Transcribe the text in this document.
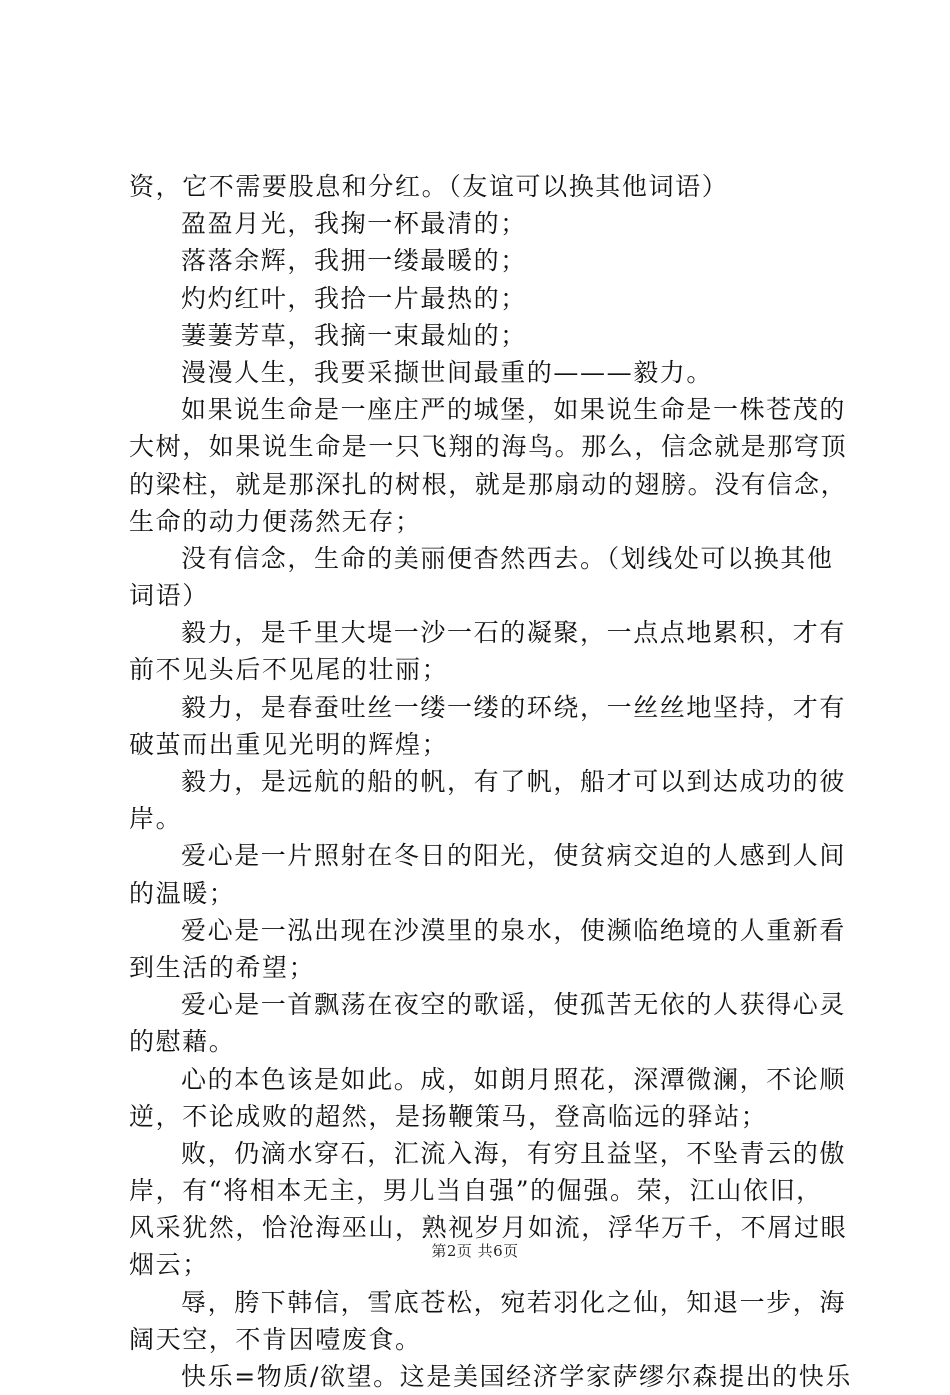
资，它不需要股息和分红。（友谊可以换其他词语）
盈盈月光，我掬一杯最清的；
落落余辉，我拥一缕最暖的；
灼灼红叶，我拾一片最热的；
萋萋芳草，我摘一束最灿的；
漫漫人生，我要采撷世间最重的———毅力。
如果说生命是一座庄严的城堡，如果说生命是一株苍茂的
大树，如果说生命是一只飞翔的海鸟。那么，信念就是那穹顶
的梁柱，就是那深扎的树根，就是那扇动的翅膀。没有信念，
生命的动力便荡然无存；
没有信念，生命的美丽便杳然西去。（划线处可以换其他
词语）
毅力，是千里大堤一沙一石的凝聚，一点点地累积，才有
前不见头后不见尾的壮丽；
毅力，是春蚕吐丝一缕一缕的环绕，一丝丝地坚持，才有
破茧而出重见光明的辉煌；
毅力，是远航的船的帆，有了帆，船才可以到达成功的彼
岸。
爱心是一片照射在冬日的阳光，使贫病交迫的人感到人间
的温暖；
爱心是一泓出现在沙漠里的泉水，使濒临绝境的人重新看
到生活的希望；
爱心是一首飘荡在夜空的歌谣，使孤苦无依的人获得心灵
的慰藉。
心的本色该是如此。成，如朗月照花，深潭微澜，不论顺
逆，不论成败的超然，是扬鞭策马，登高临远的驿站；
败，仍滴水穿石，汇流入海，有穷且益坚，不坠青云的傲
岸，有“将相本无主，男儿当自强”的倔强。荣，江山依旧，
风采犹然，恰沧海巫山，熟视岁月如流，浮华万千，不屑过眼
烟云；
辱，胯下韩信，雪底苍松，宛若羽化之仙，知退一步，海
阔天空，不肯因噎废食。
快乐=物质/欲望。这是美国经济学家萨缪尔森提出的快乐
第2页 共6页
